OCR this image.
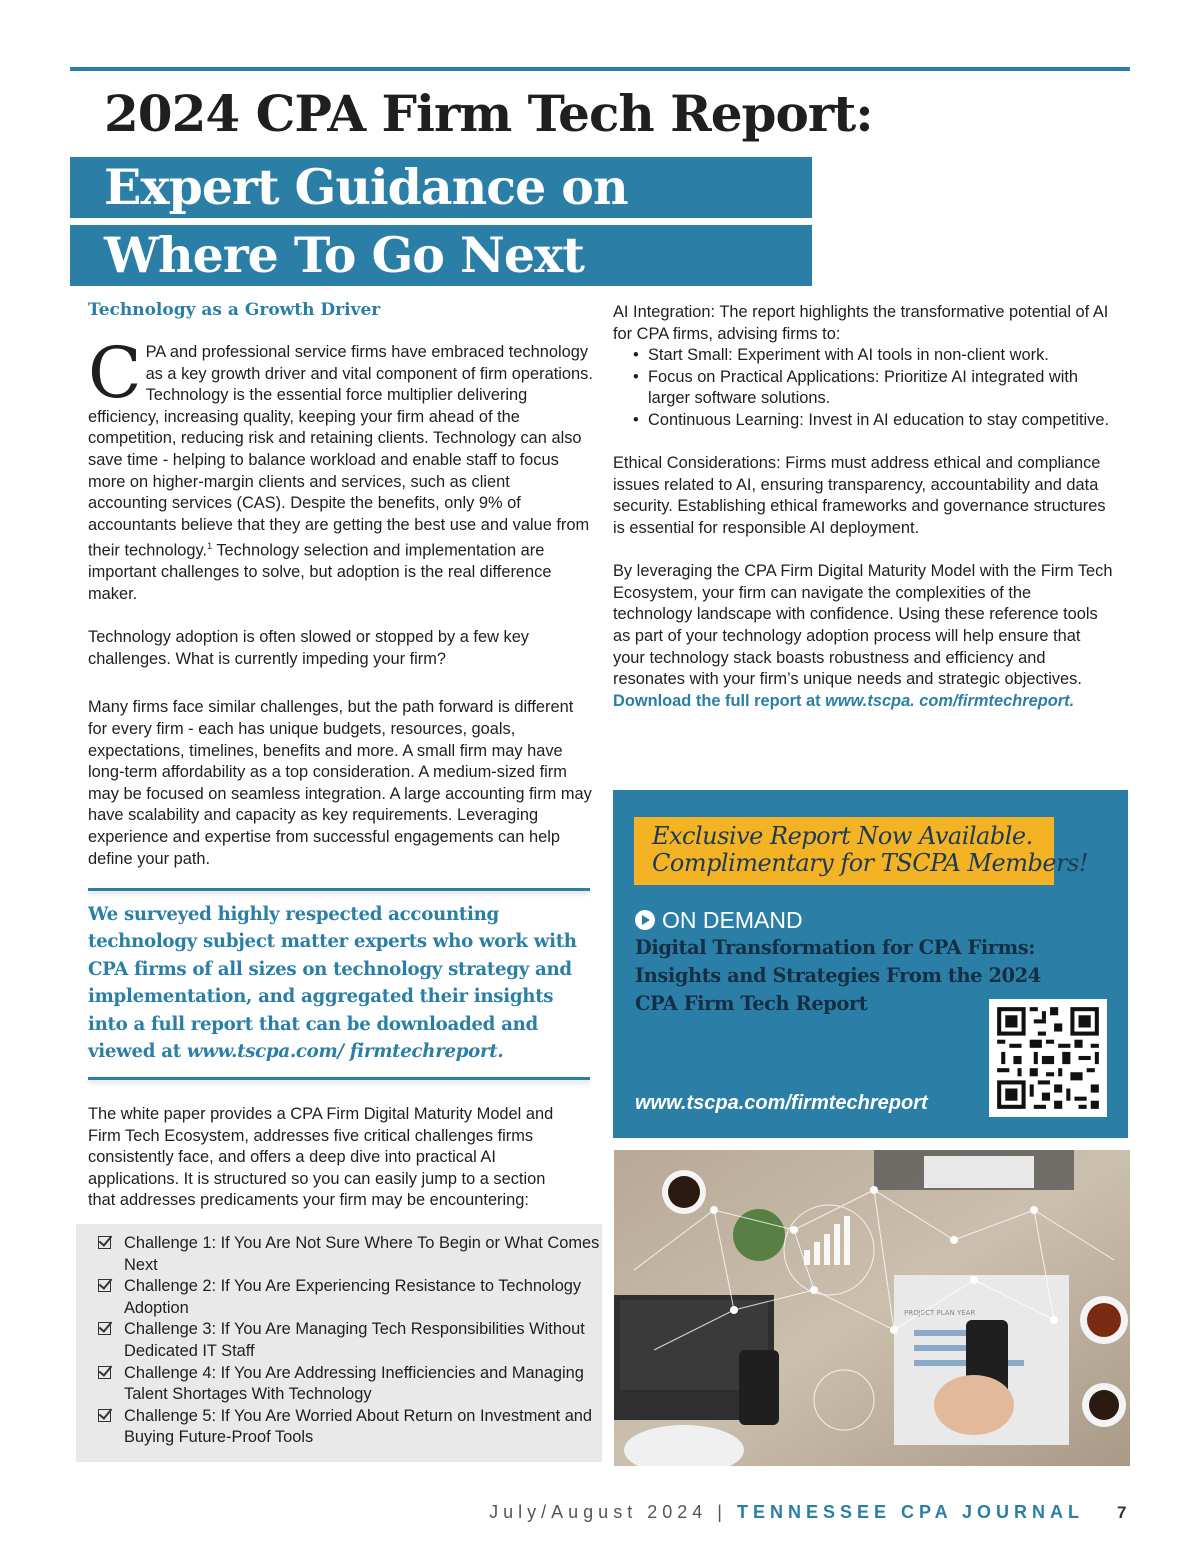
2024 CPA Firm Tech Report:
Expert Guidance on
Where To Go Next
Technology as a Growth Driver

CPA and professional service firms have embraced technology as a key growth driver and vital component of firm operations. Technology is the essential force multiplier delivering efficiency, increasing quality, keeping your firm ahead of the competition, reducing risk and retaining clients. Technology can also save time - helping to balance workload and enable staff to focus more on higher-margin clients and services, such as client accounting services (CAS). Despite the benefits, only 9% of accountants believe that they are getting the best use and value from their technology.$^1$ Technology selection and implementation are important challenges to solve, but adoption is the real difference maker.

Technology adoption is often slowed or stopped by a few key challenges. What is currently impeding your firm?

Many firms face similar challenges, but the path forward is different for every firm - each has unique budgets, resources, goals, expectations, timelines, benefits and more. A small firm may have long-term affordability as a top consideration. A medium-sized firm may be focused on seamless integration. A large accounting firm may have scalability and capacity as key requirements. Leveraging experience and expertise from successful engagements can help define your path.

We surveyed highly respected accounting technology subject matter experts who work with CPA firms of all sizes on technology strategy and implementation, and aggregated their insights into a full report that can be downloaded and viewed at www.tscpa.com/ firmtechreport.

The white paper provides a CPA Firm Digital Maturity Model and Firm Tech Ecosystem, addresses five critical challenges firms consistently face, and offers a deep dive into practical AI applications. It is structured so you can easily jump to a section that addresses predicaments your firm may be encountering:

Challenge 1: If You Are Not Sure Where To Begin or What Comes Next
Challenge 2: If You Are Experiencing Resistance to Technology Adoption
Challenge 3: If You Are Managing Tech Responsibilities Without Dedicated IT Staff
Challenge 4: If You Are Addressing Inefficiencies and Managing Talent Shortages With Technology
Challenge 5: If You Are Worried About Return on Investment and Buying Future-Proof Tools

AI Integration: The report highlights the transformative potential of AI for CPA firms, advising firms to:

• Start Small: Experiment with AI tools in non-client work.
• Focus on Practical Applications: Prioritize AI integrated with larger software solutions.
• Continuous Learning: Invest in AI education to stay competitive.

Ethical Considerations: Firms must address ethical and compliance issues related to AI, ensuring transparency, accountability and data security. Establishing ethical frameworks and governance structures is essential for responsible AI deployment.

By leveraging the CPA Firm Digital Maturity Model with the Firm Tech Ecosystem, your firm can navigate the complexities of the technology landscape with confidence. Using these reference tools as part of your technology adoption process will help ensure that your technology stack boasts robustness and efficiency and resonates with your firm’s unique needs and strategic objectives. Download the full report at www.tscpa. com/firmtechreport.

Exclusive Report Now Available.
Complimentary for TSCPA Members!
ON DEMAND
Digital Transformation for CPA Firms: Insights and Strategies From the 2024 CPA Firm Tech Report
www.tscpa.com/firmtechreport
PROJECT PLAN YEAR
July/August 2024 | TENNESSEE CPA JOURNAL 7
